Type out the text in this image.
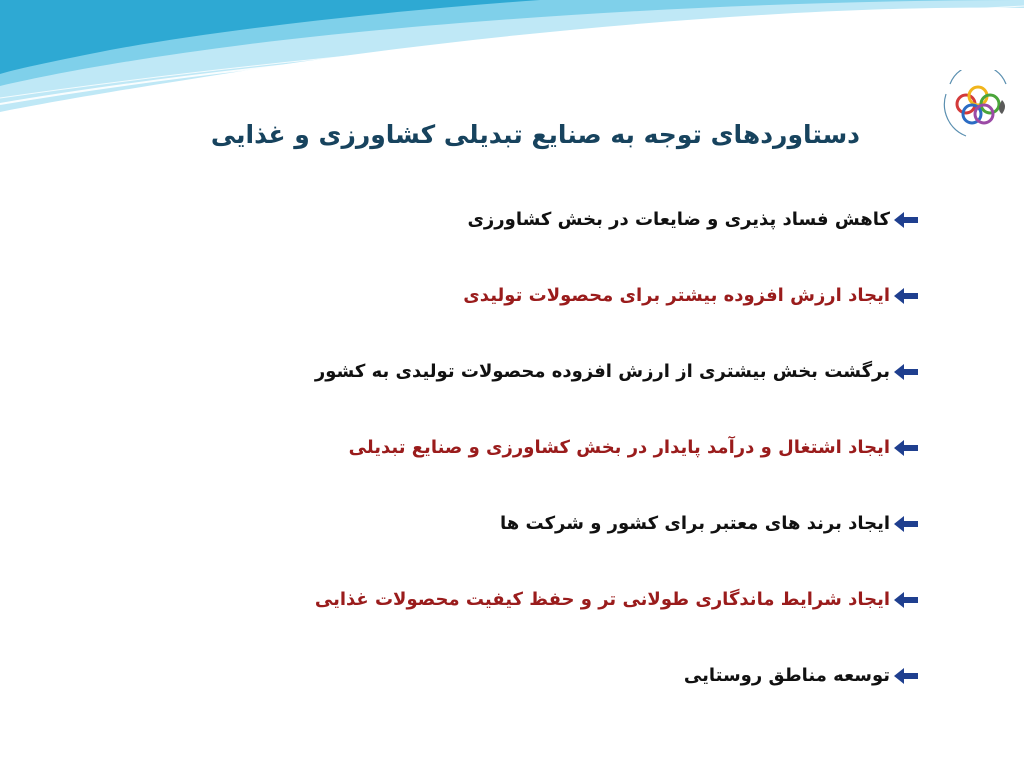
دستاوردهای توجه به صنایع تبدیلی کشاورزی و غذایی
کاهش فساد پذیری و ضایعات در بخش کشاورزی
ایجاد ارزش افزوده بیشتر برای محصولات تولیدی
برگشت بخش بیشتری از ارزش افزوده محصولات تولیدی به کشور
ایجاد اشتغال و درآمد پایدار در بخش کشاورزی و صنایع تبدیلی
ایجاد برند های معتبر برای کشور و شرکت ها
ایجاد شرایط ماندگاری طولانی تر و حفظ کیفیت محصولات غذایی
توسعه مناطق روستایی
